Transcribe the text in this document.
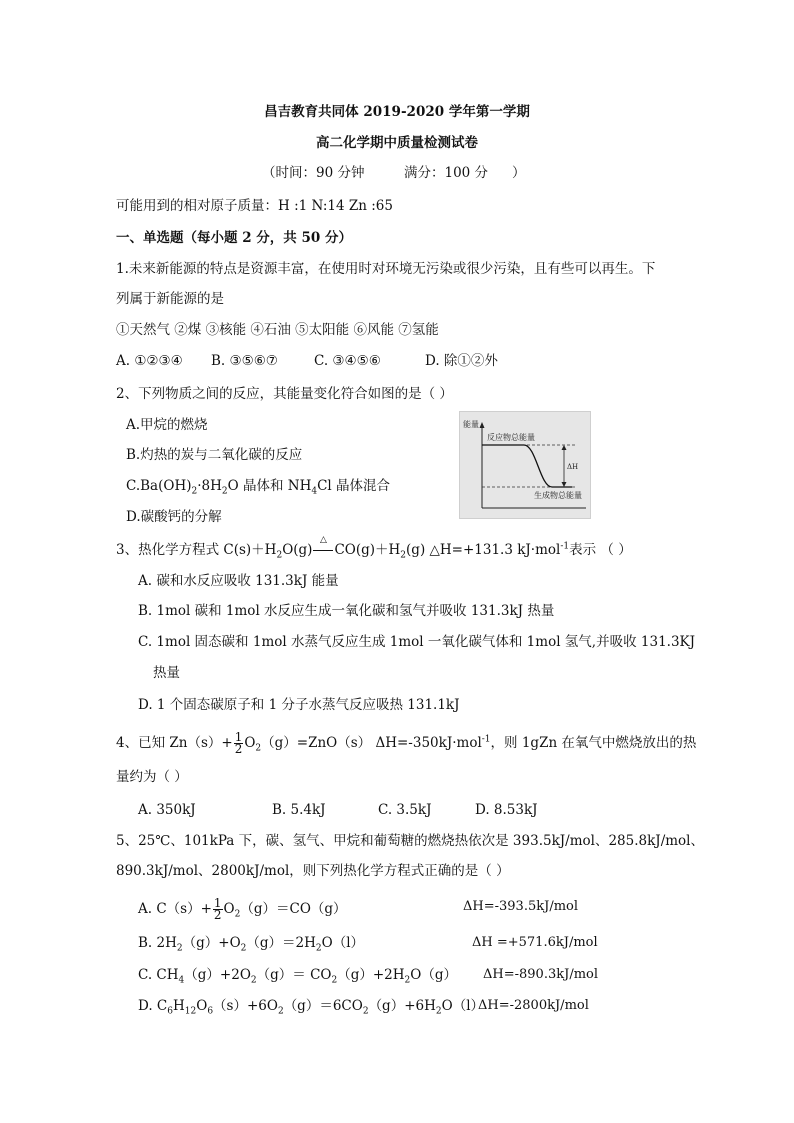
昌吉教育共同体 2019-2020 学年第一学期
高二化学期中质量检测试卷
（时间：90 分钟	满分：100 分 ）
可能用到的相对原子质量：H :1 N:14 Zn :65
一、单选题（每小题 2 分，共 50 分）
1.未来新能源的特点是资源丰富，在使用时对环境无污染或很少污染，且有些可以再生。下
列属于新能源的是
①天然气 ②煤 ③核能 ④石油 ⑤太阳能 ⑥风能 ⑦氢能
A. ①②③④ B. ③⑤⑥⑦	C. ③④⑤⑥	D. 除①②外
2、下列物质之间的反应，其能量变化符合如图的是（ ）
A.甲烷的燃烧
B.灼热的炭与二氧化碳的反应
$C.Ba(OH)_2\cdot 8H_2O$ 晶体和 $NH_4Cl$ 晶体混合
D.碳酸钙的分解
能量
反应物总能量
生成物总能量
ΔH
3、热化学方程式 $C(s)+H_2O(g)$
△
$CO(g)+H_2(g)$ △H=+131.3 kJ·mol$^{-1}$表示 （ ）
A. 碳和水反应吸收 131.3kJ 能量
B. 1mol 碳和 1mol 水反应生成一氧化碳和氢气并吸收 131.3kJ 热量
C. 1mol 固态碳和 1mol 水蒸气反应生成 1mol 一氧化碳气体和 1mol 氢气,并吸收 131.3KJ
热量
D. 1 个固态碳原子和 1 分子水蒸气反应吸热 131.1kJ
4、已知 $Zn(s)+ \frac{1}{2} O_2(g)=ZnO(s)$ ΔH=-350kJ·mol$^{-1}$，则 1gZn 在氧气中燃烧放出的热
量约为（ ）
A. 350kJ	B. 5.4kJ	C. 3.5kJ	D. 8.53kJ
5、25℃、101kPa 下，碳、氢气、甲烷和葡萄糖的燃烧热依次是 393.5kJ/mol、285.8kJ/mol、
890.3kJ/mol、2800kJ/mol，则下列热化学方程式正确的是（ ）
A. $C(s)+ \frac{1}{2} O_2(g)=CO(g)$	ΔH=-393.5kJ/mol
B. $2H_2(g)+O_2(g)=2H_2O(l)$	ΔH =+571.6kJ/mol
C. $CH_4(g)+2O_2(g)= CO_2(g)+2H_2O(g)$ ΔH=-890.3kJ/mol
D. $C_6H_{12}O_6(s)+6O_2(g)=6CO_2(g)+6H_2O(l)$
ΔH=-2800kJ/mol
